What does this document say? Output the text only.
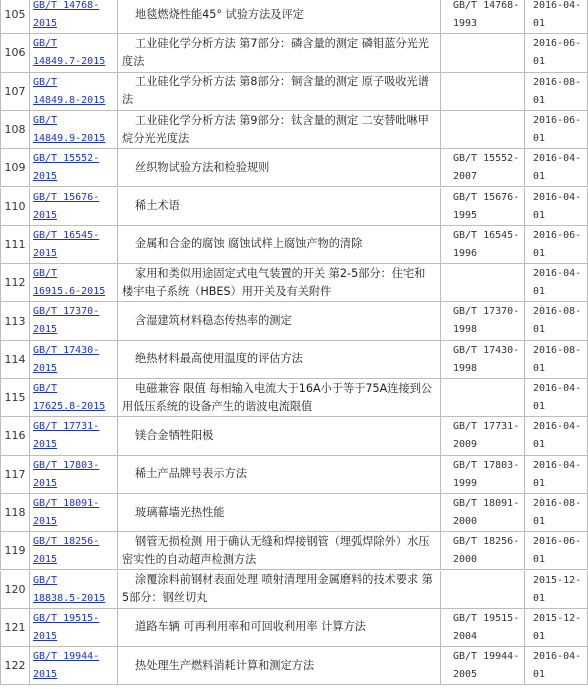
105
GB/T 14768-
2015
地毯燃烧性能45° 试验方法及评定
GB/T 14768-
1993
2016-04-
01
106
GB/T
14849.7-2015
工业硅化学分析方法 第7部分：磷含量的测定 磷钼蓝分光光度法
2016-06-
01
107
GB/T
14849.8-2015
工业硅化学分析方法 第8部分：铜含量的测定 原子吸收光谱法
2016-08-
01
108
GB/T
14849.9-2015
工业硅化学分析方法 第9部分：钛含量的测定 二安替吡啉甲烷分光光度法
2016-06-
01
109
GB/T 15552-
2015
丝织物试验方法和检验规则
GB/T 15552-
2007
2016-04-
01
110
GB/T 15676-
2015
稀土术语
GB/T 15676-
1995
2016-04-
01
111
GB/T 16545-
2015
金属和合金的腐蚀 腐蚀试样上腐蚀产物的清除
GB/T 16545-
1996
2016-06-
01
112
GB/T
16915.6-2015
家用和类似用途固定式电气装置的开关 第2-5部分：住宅和楼宇电子系统（HBES）用开关及有关附件
2016-04-
01
113
GB/T 17370-
2015
含湿建筑材料稳态传热率的测定
GB/T 17370-
1998
2016-08-
01
114
GB/T 17430-
2015
绝热材料最高使用温度的评估方法
GB/T 17430-
1998
2016-08-
01
115
GB/T
17625.8-2015
电磁兼容 限值 每相输入电流大于16A小于等于75A连接到公用低压系统的设备产生的谐波电流限值
2016-04-
01
116
GB/T 17731-
2015
镁合金牺牲阳极
GB/T 17731-
2009
2016-04-
01
117
GB/T 17803-
2015
稀土产品牌号表示方法
GB/T 17803-
1999
2016-04-
01
118
GB/T 18091-
2015
玻璃幕墙光热性能
GB/T 18091-
2000
2016-08-
01
119
GB/T 18256-
2015
钢管无损检测 用于确认无缝和焊接钢管（埋弧焊除外）水压密实性的自动超声检测方法
GB/T 18256-
2000
2016-06-
01
120
GB/T
18838.5-2015
涂覆涂料前钢材表面处理 喷射清理用金属磨料的技术要求 第5部分：钢丝切丸
2015-12-
01
121
GB/T 19515-
2015
道路车辆 可再利用率和可回收利用率 计算方法
GB/T 19515-
2004
2015-12-
01
122
GB/T 19944-
2015
热处理生产燃料消耗计算和测定方法
GB/T 19944-
2005
2016-04-
01
